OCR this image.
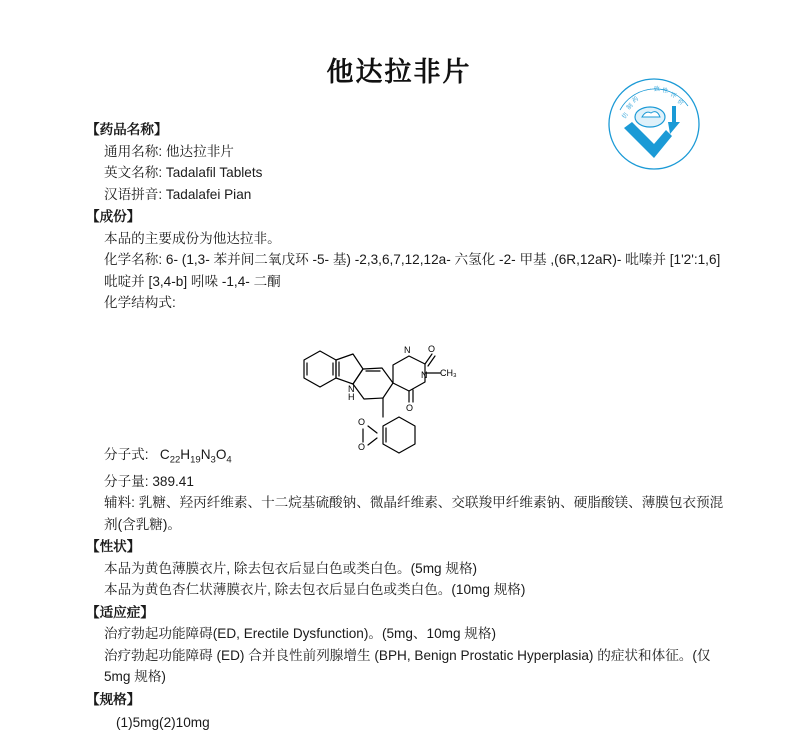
他达拉非片
仿
制
药
一 致 性
评
价
【药品名称】
通用名称: 他达拉非片
英文名称: Tadalafil Tablets
汉语拼音: Tadalafei Pian
【成份】
本品的主要成份为他达拉非。
化学名称: 6- (1,3- 苯并间二氧戊环 -5- 基) -2,3,6,7,12,12a- 六氢化 -2- 甲基 ,(6R,12aR)- 吡嗪并 [1'2':1,6] 吡啶并 [3,4-b] 吲哚 -1,4- 二酮
化学结构式:
N
H
N
N CH₃
O
O
O
O
分子式:   $C_{22}H_{19}N_3O_4$
分子量: 389.41
辅料: 乳糖、羟丙纤维素、十二烷基硫酸钠、微晶纤维素、交联羧甲纤维素钠、硬脂酸镁、薄膜包衣预混剂(含乳糖)。
【性状】
本品为黄色薄膜衣片, 除去包衣后显白色或类白色。(5mg 规格)
本品为黄色杏仁状薄膜衣片, 除去包衣后显白色或类白色。(10mg 规格)
【适应症】
治疗勃起功能障碍(ED, Erectile Dysfunction)。(5mg、10mg 规格)
治疗勃起功能障碍 (ED) 合并良性前列腺增生 (BPH, Benign Prostatic Hyperplasia) 的症状和体征。(仅 5mg 规格)
【规格】
(1)5mg(2)10mg
